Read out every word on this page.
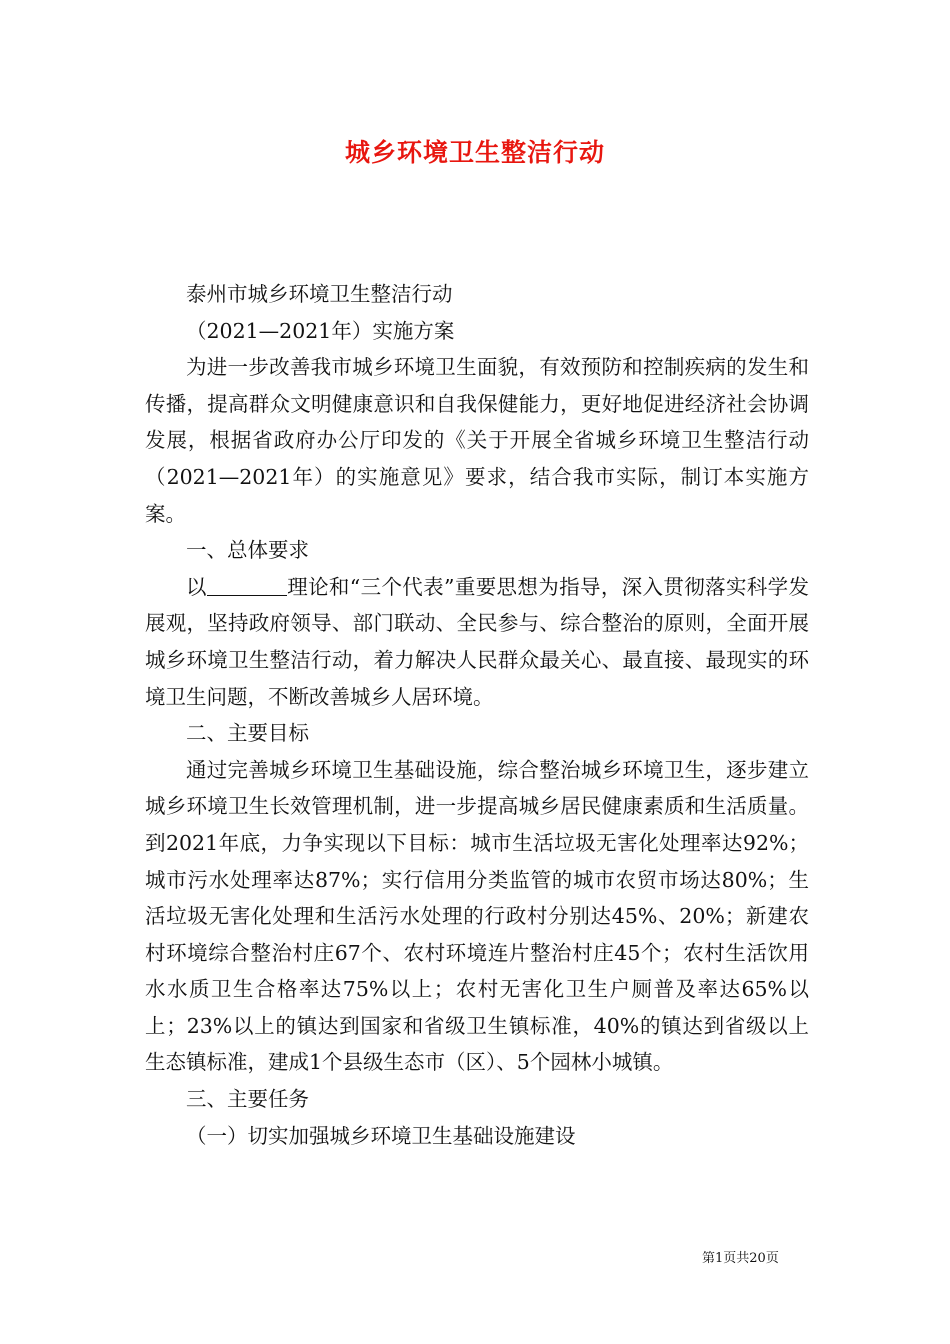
城乡环境卫生整洁行动

泰州市城乡环境卫生整洁行动

（2021—2021年）实施方案

为进一步改善我市城乡环境卫生面貌，有效预防和控制疾病的发生和传播，提高群众文明健康意识和自我保健能力，更好地促进经济社会协调发展，根据省政府办公厅印发的《关于开展全省城乡环境卫生整洁行动（2021—2021年）的实施意见》要求，结合我市实际，制订本实施方案。

一、总体要求

以	理论和“三个代表”重要思想为指导，深入贯彻落实科学发展观，坚持政府领导、部门联动、全民参与、综合整治的原则，全面开展城乡环境卫生整洁行动，着力解决人民群众最关心、最直接、最现实的环境卫生问题，不断改善城乡人居环境。

二、主要目标

通过完善城乡环境卫生基础设施，综合整治城乡环境卫生，逐步建立城乡环境卫生长效管理机制，进一步提高城乡居民健康素质和生活质量。到2021年底，力争实现以下目标：城市生活垃圾无害化处理率达92%；城市污水处理率达87%；实行信用分类监管的城市农贸市场达80%；生活垃圾无害化处理和生活污水处理的行政村分别达45%、20%；新建农村环境综合整治村庄67个、农村环境连片整治村庄45个；农村生活饮用水水质卫生合格率达75%以上；农村无害化卫生户厕普及率达65%以上；23%以上的镇达到国家和省级卫生镇标准，40%的镇达到省级以上生态镇标准，建成1个县级生态市（区）、5个园林小城镇。

三、主要任务

（一）切实加强城乡环境卫生基础设施建设

第1页共20页
